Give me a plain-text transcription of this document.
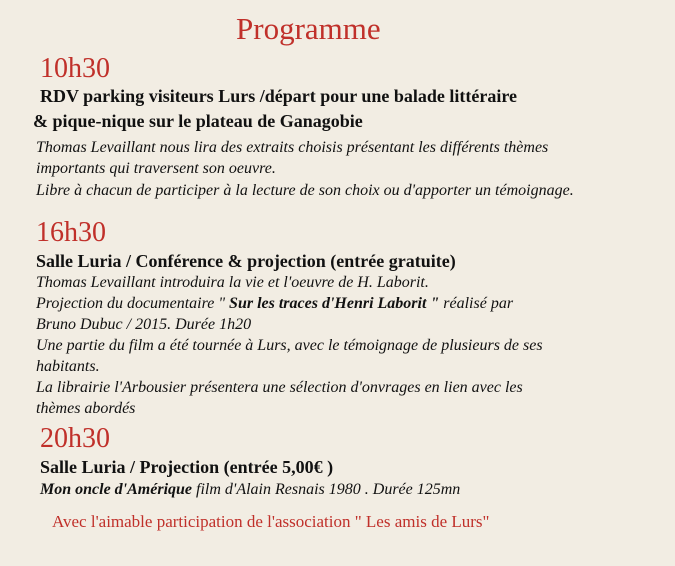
Programme
10h30
RDV parking visiteurs Lurs /départ pour une balade littéraire
& pique-nique sur le plateau de Ganagobie
Thomas Levaillant nous lira des extraits choisis présentant les différents thèmes
importants qui traversent son oeuvre.
Libre à chacun de participer à la lecture de son choix ou d'apporter un témoignage.
16h30
Salle Luria / Conférence & projection (entrée gratuite)
Thomas Levaillant introduira la vie et l'oeuvre de H. Laborit.
Projection du documentaire " Sur les traces d'Henri Laborit " réalisé par
Bruno Dubuc / 2015. Durée 1h20
Une partie du film a été tournée à Lurs, avec le témoignage de plusieurs de ses
habitants.
La librairie l'Arbousier présentera une sélection d'onvrages en lien avec les
thèmes abordés
20h30
Salle Luria / Projection (entrée 5,00€ )
Mon oncle d'Amérique film d'Alain Resnais 1980 . Durée 125mn
Avec l'aimable participation de l'association " Les amis de Lurs"
